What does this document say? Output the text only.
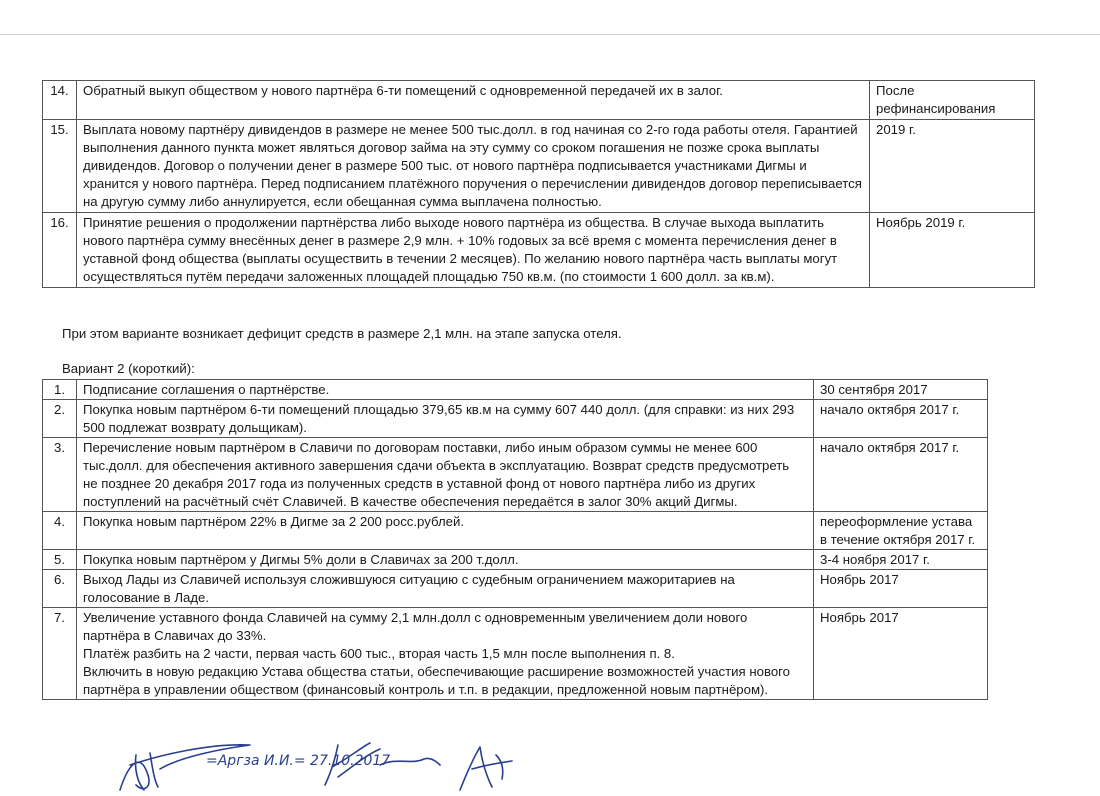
14.	Обратный выкуп обществом у нового партнёра 6-ти помещений с одновременной передачей их в залог.	После рефинансирования
15.	Выплата новому партнёру дивидендов в размере не менее 500 тыс.долл. в год начиная со 2-го года работы отеля. Гарантией выполнения данного пункта может являться договор займа на эту сумму со сроком погашения не позже срока выплаты дивидендов. Договор о получении денег в размере 500 тыс. от нового партнёра подписывается участниками Дигмы и хранится у нового партнёра. Перед подписанием платёжного поручения о перечислении дивидендов договор переписывается на другую сумму либо аннулируется, если обещанная сумма выплачена полностью.	2019 г.
16.	Принятие решения о продолжении партнёрства либо выходе нового партнёра из общества. В случае выхода выплатить нового партнёра сумму внесённых денег в размере 2,9 млн. + 10% годовых за всё время с момента перечисления денег в уставной фонд общества (выплаты осуществить в течении 2 месяцев). По желанию нового партнёра часть выплаты могут осуществляться путём передачи заложенных площадей площадью 750 кв.м. (по стоимости 1 600 долл. за кв.м).	Ноябрь 2019 г.

При этом варианте возникает дефицит средств в размере 2,1 млн. на этапе запуска отеля.

Вариант 2 (короткий):

1.	Подписание соглашения о партнёрстве.	30 сентября 2017
2.	Покупка новым партнёром 6-ти помещений площадью 379,65 кв.м на сумму 607 440 долл. (для справки: из них 293 500 подлежат возврату дольщикам).	начало октября 2017 г.
3.	Перечисление новым партнёром в Славичи по договорам поставки, либо иным образом суммы не менее 600 тыс.долл. для обеспечения активного завершения сдачи объекта в эксплуатацию. Возврат средств предусмотреть не позднее 20 декабря 2017 года из полученных средств в уставной фонд от нового партнёра либо из других поступлений на расчётный счёт Славичей. В качестве обеспечения передаётся в залог 30% акций Дигмы.	начало октября 2017 г.
4.	Покупка новым партнёром 22% в Дигме за 2 200 росс.рублей.	переоформление устава в течение октября 2017 г.
5.	Покупка новым партнёром у Дигмы 5% доли в Славичах за 200 т.долл.	3-4 ноября 2017 г.
6.	Выход Лады из Славичей используя сложившуюся ситуацию с судебным ограничением мажоритариев на голосование в Ладе.	Ноябрь 2017
7.	Увеличение уставного фонда Славичей на сумму 2,1 млн.долл с одновременным увеличением доли нового партнёра в Славичах до 33%.
Платёж разбить на 2 части, первая часть 600 тыс., вторая часть 1,5 млн после выполнения п. 8.
Включить в новую редакцию Устава общества статьи, обеспечивающие расширение возможностей участия нового партнёра в управлении обществом (финансовый контроль и т.п. в редакции, предложенной новым партнёром).	Ноябрь 2017
=Аргза И.И.= 27.10.2017
